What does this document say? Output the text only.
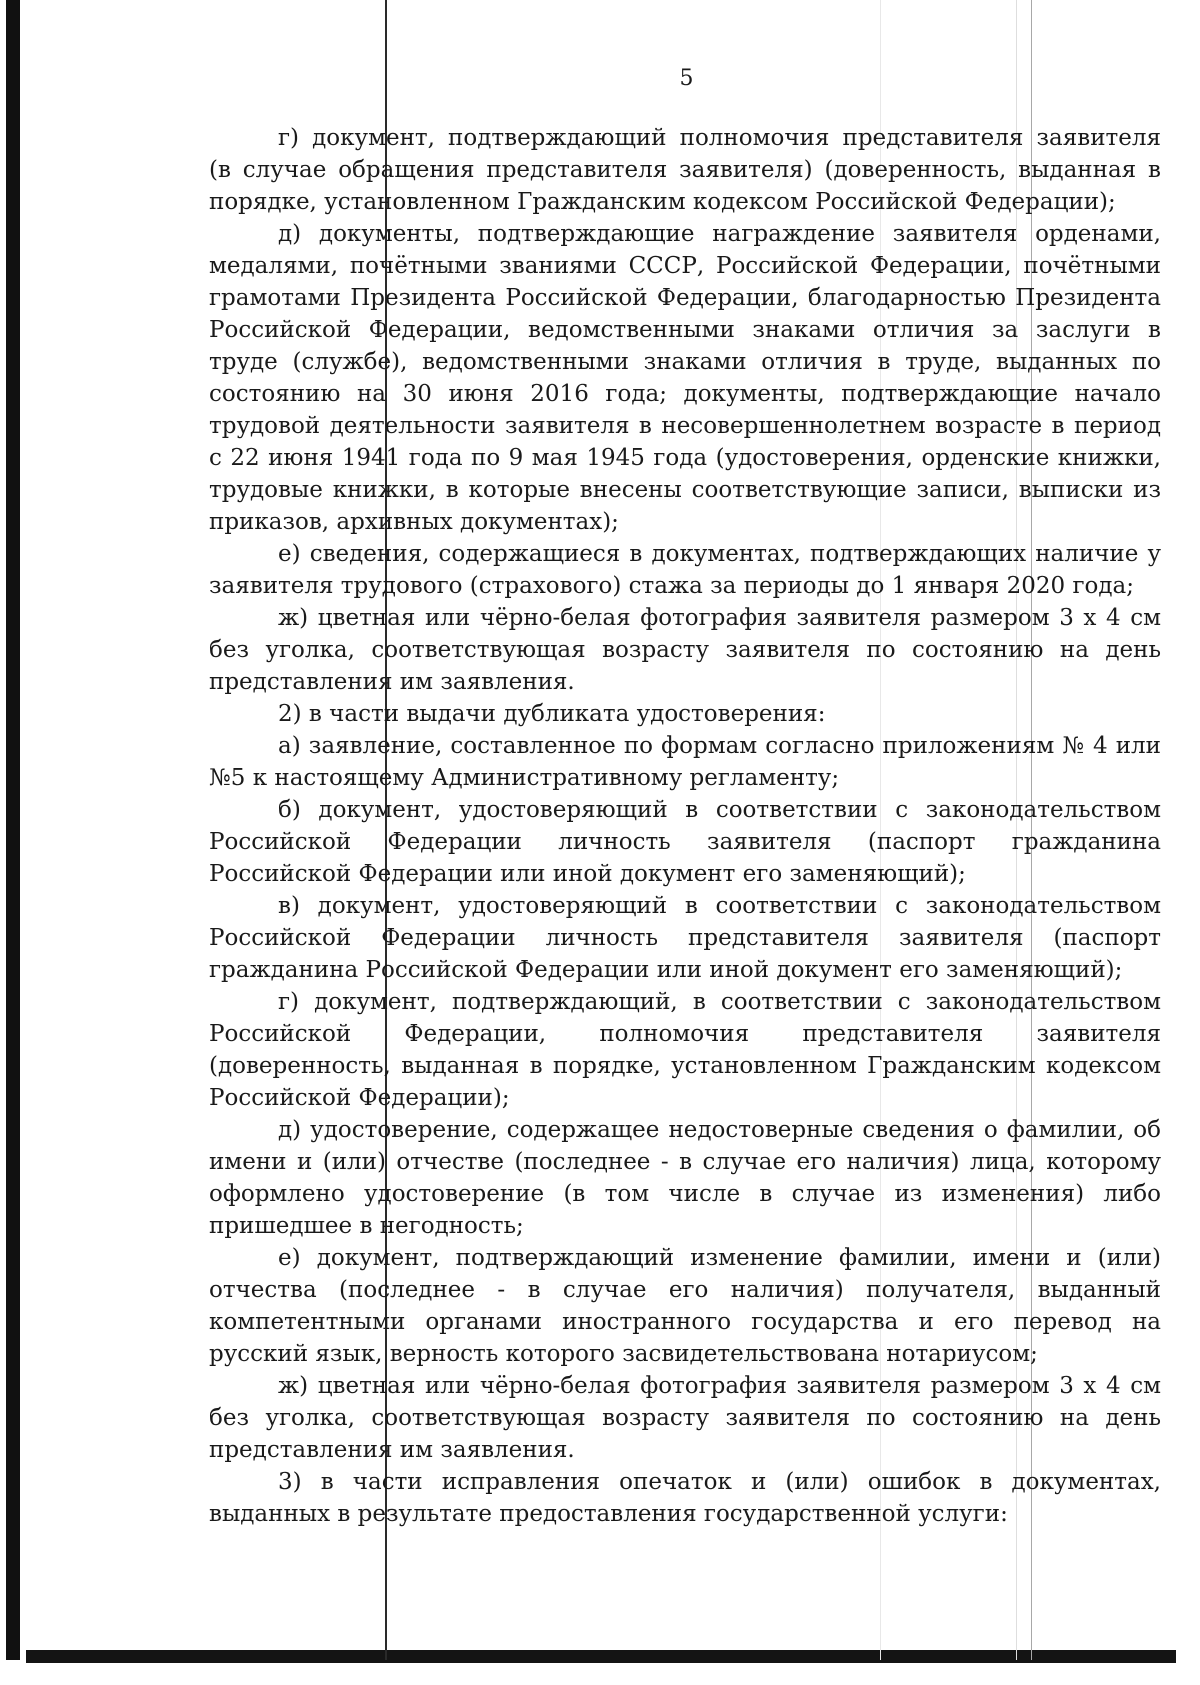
5

г) документ, подтверждающий полномочия представителя заявителя (в случае обращения представителя заявителя) (доверенность, выданная в порядке, установленном Гражданским кодексом Российской Федерации);

д) документы, подтверждающие награждение заявителя орденами, медалями, почётными званиями СССР, Российской Федерации, почётными грамотами Президента Российской Федерации, благодарностью Президента Российской Федерации, ведомственными знаками отличия за заслуги в труде (службе), ведомственными знаками отличия в труде, выданных по состоянию на 30 июня 2016 года; документы, подтверждающие начало трудовой деятельности заявителя в несовершеннолетнем возрасте в период с 22 июня 1941 года по 9 мая 1945 года (удостоверения, орденские книжки, трудовые книжки, в которые внесены соответствующие записи, выписки из приказов, архивных документах);

е) сведения, содержащиеся в документах, подтверждающих наличие у заявителя трудового (страхового) стажа за периоды до 1 января 2020 года;

ж) цветная или чёрно-белая фотография заявителя размером 3 х 4 см без уголка, соответствующая возрасту заявителя по состоянию на день представления им заявления.

2) в части выдачи дубликата удостоверения:

а) заявление, составленное по формам согласно приложениям № 4 или №5 к настоящему Административному регламенту;

б) документ, удостоверяющий в соответствии с законодательством Российской Федерации личность заявителя (паспорт гражданина Российской Федерации или иной документ его заменяющий);

в) документ, удостоверяющий в соответствии с законодательством Российской Федерации личность представителя заявителя (паспорт гражданина Российской Федерации или иной документ его заменяющий);

г) документ, подтверждающий, в соответствии с законодательством Российской Федерации, полномочия представителя заявителя (доверенность, выданная в порядке, установленном Гражданским кодексом Российской Федерации);

д) удостоверение, содержащее недостоверные сведения о фамилии, об имени и (или) отчестве (последнее - в случае его наличия) лица, которому оформлено удостоверение (в том числе в случае из изменения) либо пришедшее в негодность;

е) документ, подтверждающий изменение фамилии, имени и (или) отчества (последнее - в случае его наличия) получателя, выданный компетентными органами иностранного государства и его перевод на русский язык, верность которого засвидетельствована нотариусом;

ж) цветная или чёрно-белая фотография заявителя размером 3 х 4 см без уголка, соответствующая возрасту заявителя по состоянию на день представления им заявления.

3) в части исправления опечаток и (или) ошибок в документах, выданных в результате предоставления государственной услуги:
